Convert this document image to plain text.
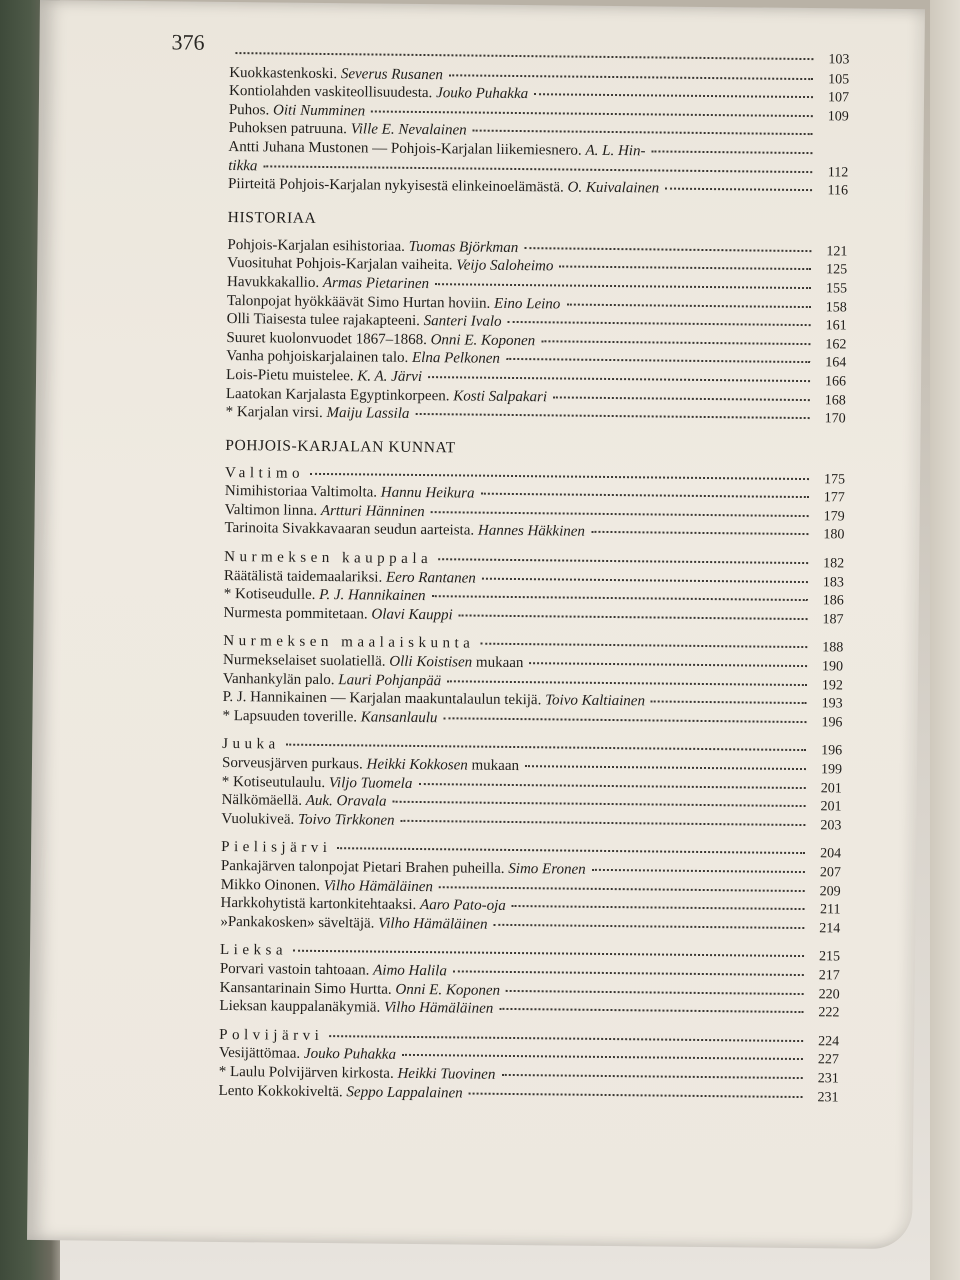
376
103
Kuokkastenkoski. Severus Rusanen	105
Kontiolahden vaskiteollisuudesta. Jouko Puhakka	107
Puhos. Oiti Numminen	109
Puhoksen patruuna. Ville E. Nevalainen
Antti Juhana Mustonen — Pohjois-Karjalan liikemiesnero. A. L. Hin-
tikka	112
Piirteitä Pohjois-Karjalan nykyisestä elinkeinoelämästä. O. Kuivalainen	116
HISTORIAA
Pohjois-Karjalan esihistoriaa. Tuomas Björkman	121
Vuosituhat Pohjois-Karjalan vaiheita. Veijo Saloheimo	125
Havukkakallio. Armas Pietarinen	155
Talonpojat hyökkäävät Simo Hurtan hoviin. Eino Leino	158
Olli Tiaisesta tulee rajakapteeni. Santeri Ivalo	161
Suuret kuolonvuodet 1867–1868. Onni E. Koponen	162
Vanha pohjoiskarjalainen talo. Elna Pelkonen	164
Lois-Pietu muistelee. K. A. Järvi	166
Laatokan Karjalasta Egyptinkorpeen. Kosti Salpakari	168
* Karjalan virsi. Maiju Lassila	170
POHJOIS-KARJALAN KUNNAT
Valtimo	175
Nimihistoriaa Valtimolta. Hannu Heikura	177
Valtimon linna. Artturi Hänninen	179
Tarinoita Sivakkavaaran seudun aarteista. Hannes Häkkinen	180
Nurmeksen kauppala	182
Räätälistä taidemaalariksi. Eero Rantanen	183
* Kotiseudulle. P. J. Hannikainen	186
Nurmesta pommitetaan. Olavi Kauppi	187
Nurmeksen maalaiskunta	188
Nurmekselaiset suolatiellä. Olli Koistisen mukaan	190
Vanhankylän palo. Lauri Pohjanpää	192
P. J. Hannikainen — Karjalan maakuntalaulun tekijä. Toivo Kaltiainen	193
* Lapsuuden toverille. Kansanlaulu	196
Juuka	196
Sorveusjärven purkaus. Heikki Kokkosen mukaan	199
* Kotiseutulaulu. Viljo Tuomela	201
Nälkömäellä. Auk. Oravala	201
Vuolukiveä. Toivo Tirkkonen	203
Pielisjärvi	204
Pankajärven talonpojat Pietari Brahen puheilla. Simo Eronen	207
Mikko Oinonen. Vilho Hämäläinen	209
Harkkohytistä kartonkitehtaaksi. Aaro Pato-oja	211
»Pankakosken» säveltäjä. Vilho Hämäläinen	214
Lieksa	215
Porvari vastoin tahtoaan. Aimo Halila	217
Kansantarinain Simo Hurtta. Onni E. Koponen	220
Lieksan kauppalanäkymiä. Vilho Hämäläinen	222
Polvijärvi	224
Vesijättömaa. Jouko Puhakka	227
* Laulu Polvijärven kirkosta. Heikki Tuovinen	231
Lento Kokkokiveltä. Seppo Lappalainen	231
